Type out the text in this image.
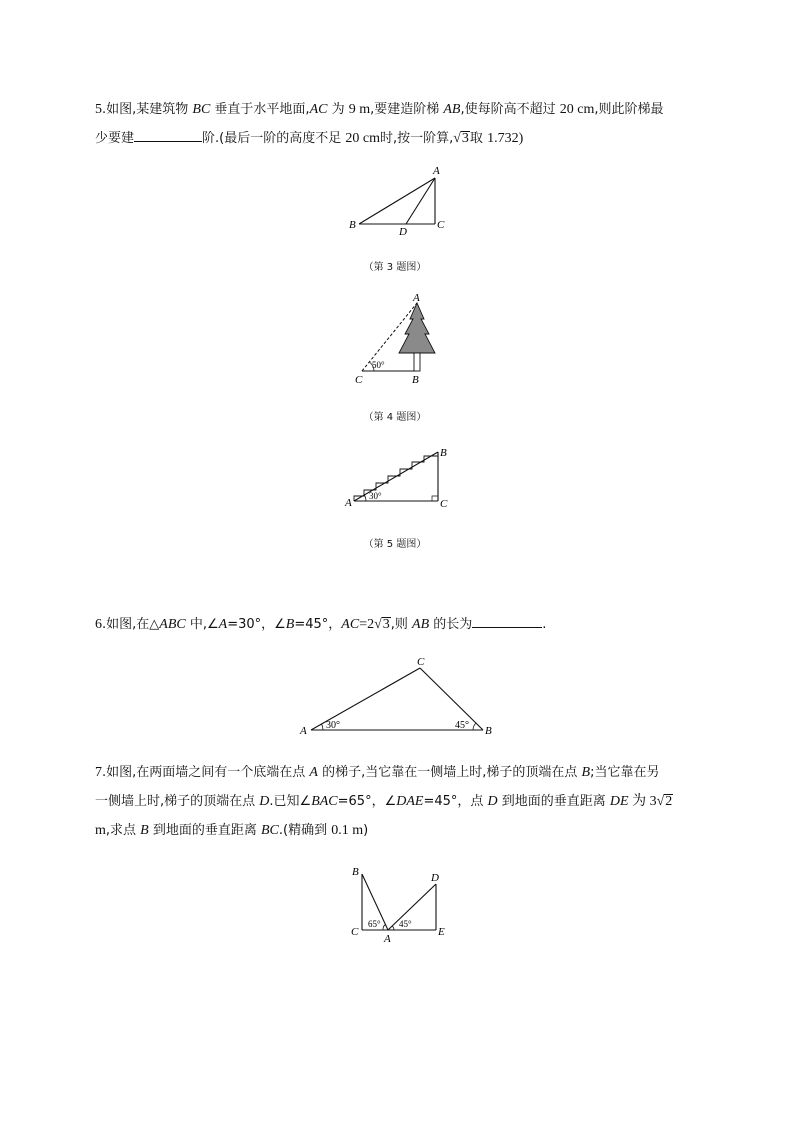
5.如图,某建筑物 BC 垂直于水平地面,AC 为 9 m,要建造阶梯 AB,使每阶高不超过 20 cm,则此阶梯最
少要建	阶.(最后一阶的高度不足 20 cm时,按一阶算,√3取 1.732)
A
B	C
D
（第 3 题图）
50°
A
C	B
（第 4 题图）
30°
A
B
C
（第 5 题图）
6.如图,在△ABC 中,∠A=30°，∠B=45°，AC=2√3,则 AB 的长为	.
30°	45°
A	B
C
7.如图,在两面墙之间有一个底端在点 A 的梯子,当它靠在一侧墙上时,梯子的顶端在点 B;当它靠在另
一侧墙上时,梯子的顶端在点 D.已知∠BAC=65°，∠DAE=45°，点 D 到地面的垂直距离 DE 为 3√2
m,求点 B 到地面的垂直距离 BC.(精确到 0.1 m)
65° 45°
B
C
A
D
E
